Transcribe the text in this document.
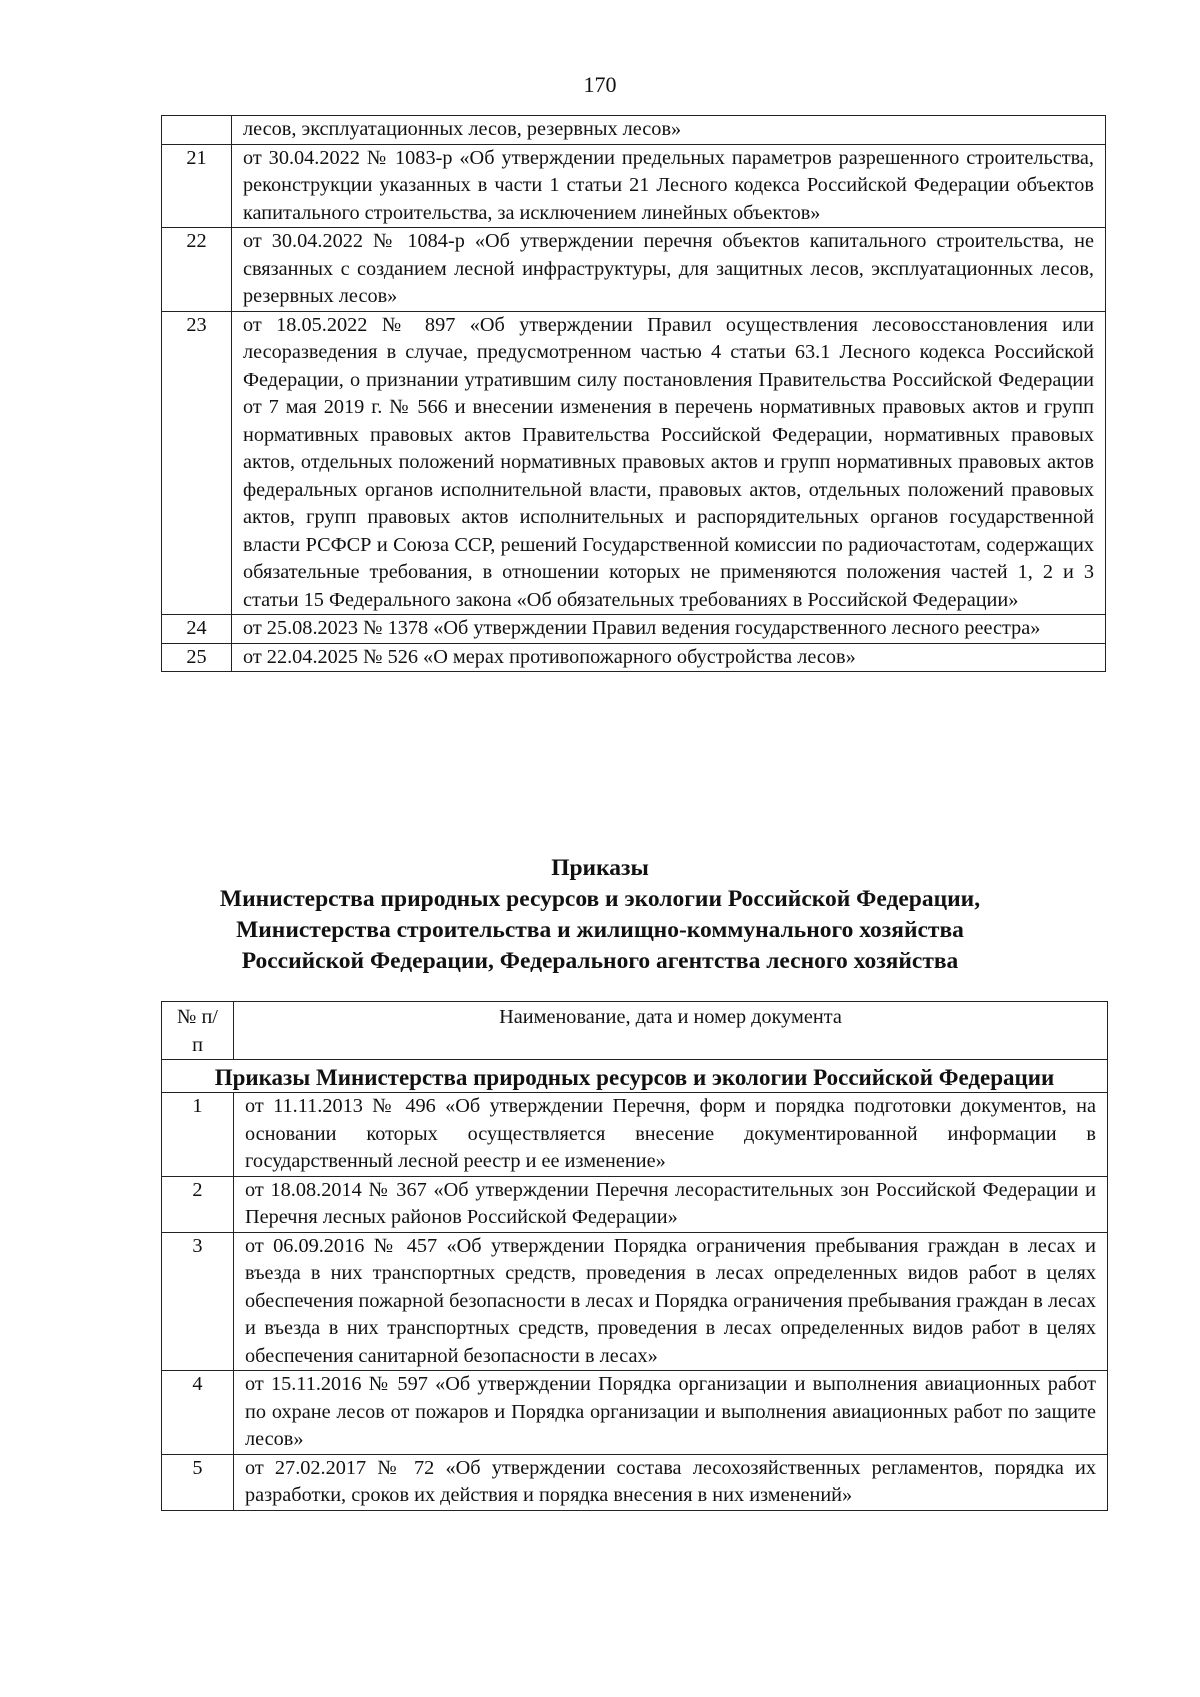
170
	лесов, эксплуатационных лесов, резервных лесов»
21	от 30.04.2022 № 1083-р «Об утверждении предельных параметров разрешенного строительства, реконструкции указанных в части 1 статьи 21 Лесного кодекса Российской Федерации объектов капитального строительства, за исключением линейных объектов»
22	от 30.04.2022 № 1084-р «Об утверждении перечня объектов капитального строительства, не связанных с созданием лесной инфраструктуры, для защитных лесов, эксплуатационных лесов, резервных лесов»
23	от 18.05.2022 № 897 «Об утверждении Правил осуществления лесовосстановления или лесоразведения в случае, предусмотренном частью 4 статьи 63.1 Лесного кодекса Российской Федерации, о признании утратившим силу постановления Правительства Российской Федерации от 7 мая 2019 г. № 566 и внесении изменения в перечень нормативных правовых актов и групп нормативных правовых актов Правительства Российской Федерации, нормативных правовых актов, отдельных положений нормативных правовых актов и групп нормативных правовых актов федеральных органов исполнительной власти, правовых актов, отдельных положений правовых актов, групп правовых актов исполнительных и распорядительных органов государственной власти РСФСР и Союза ССР, решений Государственной комиссии по радиочастотам, содержащих обязательные требования, в отношении которых не применяются положения частей 1, 2 и 3 статьи 15 Федерального закона «Об обязательных требованиях в Российской Федерации»
24	от 25.08.2023 № 1378 «Об утверждении Правил ведения государственного лесного реестра»
25	от 22.04.2025 № 526 «О мерах противопожарного обустройства лесов»
Приказы
Министерства природных ресурсов и экологии Российской Федерации,
Министерства строительства и жилищно-коммунального хозяйства
Российской Федерации, Федерального агентства лесного хозяйства
№ п/п	Наименование, дата и номер документа
Приказы Министерства природных ресурсов и экологии Российской Федерации	
1	от 11.11.2013 № 496 «Об утверждении Перечня, форм и порядка подготовки документов, на основании которых осуществляется внесение документированной информации в государственный лесной реестр и ее изменение»
2	от 18.08.2014 № 367 «Об утверждении Перечня лесорастительных зон Российской Федерации и Перечня лесных районов Российской Федерации»
3	от 06.09.2016 № 457 «Об утверждении Порядка ограничения пребывания граждан в лесах и въезда в них транспортных средств, проведения в лесах определенных видов работ в целях обеспечения пожарной безопасности в лесах и Порядка ограничения пребывания граждан в лесах и въезда в них транспортных средств, проведения в лесах определенных видов работ в целях обеспечения санитарной безопасности в лесах»
4	от 15.11.2016 № 597 «Об утверждении Порядка организации и выполнения авиационных работ по охране лесов от пожаров и Порядка организации и выполнения авиационных работ по защите лесов»
5	от 27.02.2017 № 72 «Об утверждении состава лесохозяйственных регламентов, порядка их разработки, сроков их действия и порядка внесения в них изменений»
